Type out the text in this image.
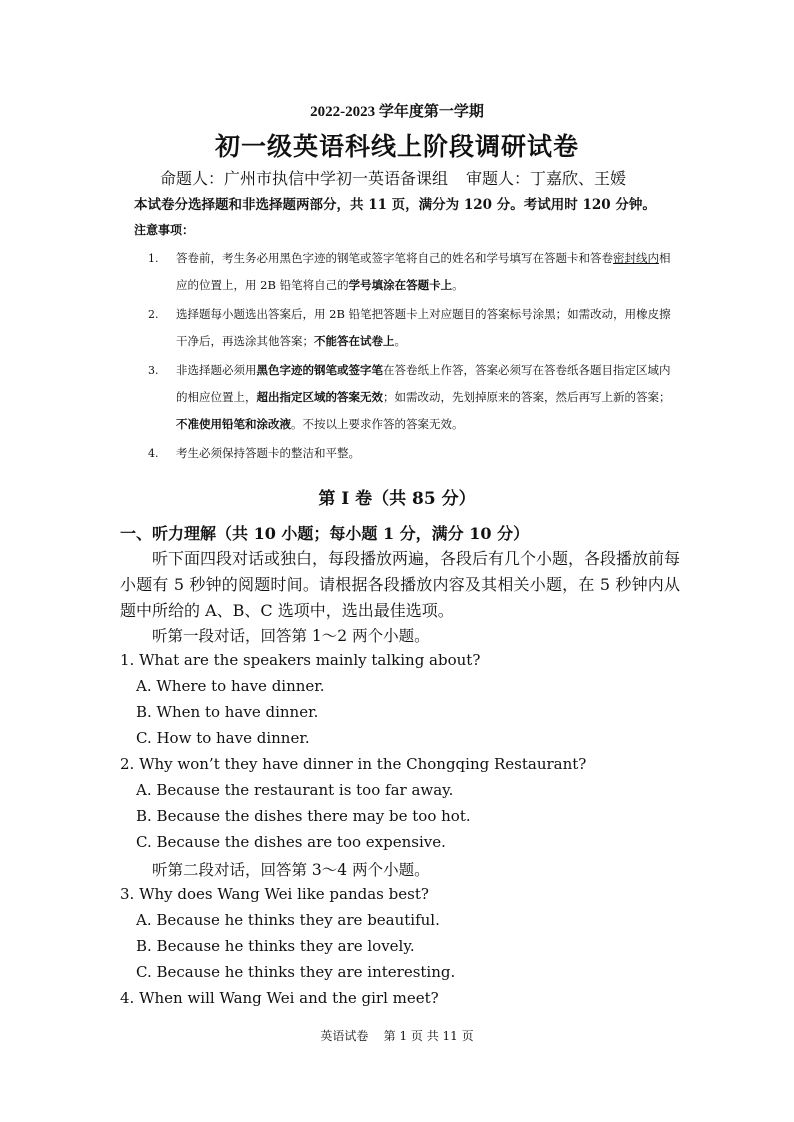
2022-2023 学年度第一学期
初一级英语科线上阶段调研试卷
命题人：广州市执信中学初一英语备课组 审题人：丁嘉欣、王媛
本试卷分选择题和非选择题两部分，共 11 页，满分为 120 分。考试用时 120 分钟。
注意事项：
1. 答卷前，考生务必用黑色字迹的钢笔或签字笔将自己的姓名和学号填写在答题卡和答卷密封线内相应的位置上，用 2B 铅笔将自己的学号填涂在答题卡上。
2. 选择题每小题选出答案后，用 2B 铅笔把答题卡上对应题目的答案标号涂黑；如需改动，用橡皮擦干净后，再选涂其他答案；不能答在试卷上。
3. 非选择题必须用黑色字迹的钢笔或签字笔在答卷纸上作答，答案必须写在答卷纸各题目指定区域内的相应位置上，超出指定区域的答案无效；如需改动，先划掉原来的答案，然后再写上新的答案；不准使用铅笔和涂改液。不按以上要求作答的答案无效。
4. 考生必须保持答题卡的整洁和平整。
第 I 卷（共 85 分）
一、听力理解（共 10 小题；每小题 1 分，满分 10 分）
听下面四段对话或独白，每段播放两遍，各段后有几个小题，各段播放前每小题有 5 秒钟的阅题时间。请根据各段播放内容及其相关小题，在 5 秒钟内从题中所给的 A、B、C 选项中，选出最佳选项。
听第一段对话，回答第 1～2 两个小题。
1. What are the speakers mainly talking about?
A. Where to have dinner.
B. When to have dinner.
C. How to have dinner.
2. Why won’t they have dinner in the Chongqing Restaurant?
A. Because the restaurant is too far away.
B. Because the dishes there may be too hot.
C. Because the dishes are too expensive.
听第二段对话，回答第 3～4 两个小题。
3. Why does Wang Wei like pandas best?
A. Because he thinks they are beautiful.
B. Because he thinks they are lovely.
C. Because he thinks they are interesting.
4. When will Wang Wei and the girl meet?
英语试卷    第 1 页 共 11 页
